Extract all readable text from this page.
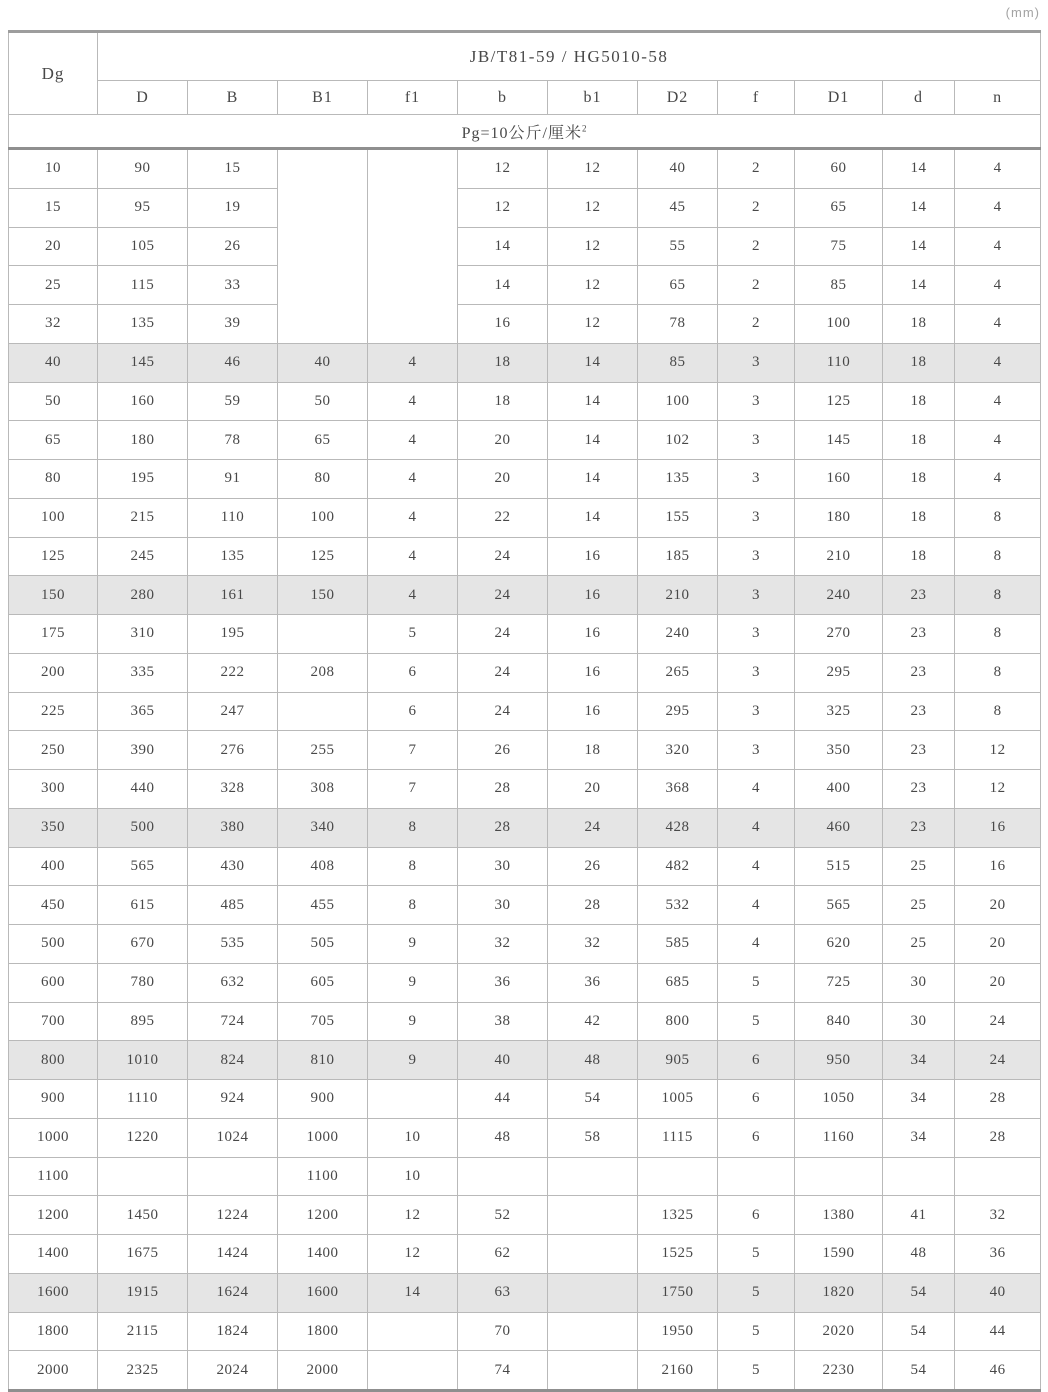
(mm)
Dg	JB/T81-59 / HG5010-58										
	D	B	B1	f1	b	b1	D2	f	D1	d	n
Pg=10公斤/厘米$^2$
10	90	15			12	12	40	2	60	14	4
15	95	19			12	12	45	2	65	14	4
20	105	26			14	12	55	2	75	14	4
25	115	33			14	12	65	2	85	14	4
32	135	39			16	12	78	2	100	18	4
40	145	46	40	4	18	14	85	3	110	18	4
50	160	59	50	4	18	14	100	3	125	18	4
65	180	78	65	4	20	14	102	3	145	18	4
80	195	91	80	4	20	14	135	3	160	18	4
100	215	110	100	4	22	14	155	3	180	18	8
125	245	135	125	4	24	16	185	3	210	18	8
150	280	161	150	4	24	16	210	3	240	23	8
175	310	195		5	24	16	240	3	270	23	8
200	335	222	208	6	24	16	265	3	295	23	8
225	365	247		6	24	16	295	3	325	23	8
250	390	276	255	7	26	18	320	3	350	23	12
300	440	328	308	7	28	20	368	4	400	23	12
350	500	380	340	8	28	24	428	4	460	23	16
400	565	430	408	8	30	26	482	4	515	25	16
450	615	485	455	8	30	28	532	4	565	25	20
500	670	535	505	9	32	32	585	4	620	25	20
600	780	632	605	9	36	36	685	5	725	30	20
700	895	724	705	9	38	42	800	5	840	30	24
800	1010	824	810	9	40	48	905	6	950	34	24
900	1110	924	900		44	54	1005	6	1050	34	28
1000	1220	1024	1000	10	48	58	1115	6	1160	34	28
1100			1100	10							
1200	1450	1224	1200	12	52		1325	6	1380	41	32
1400	1675	1424	1400	12	62		1525	5	1590	48	36
1600	1915	1624	1600	14	63		1750	5	1820	54	40
1800	2115	1824	1800		70		1950	5	2020	54	44
2000	2325	2024	2000		74		2160	5	2230	54	46
